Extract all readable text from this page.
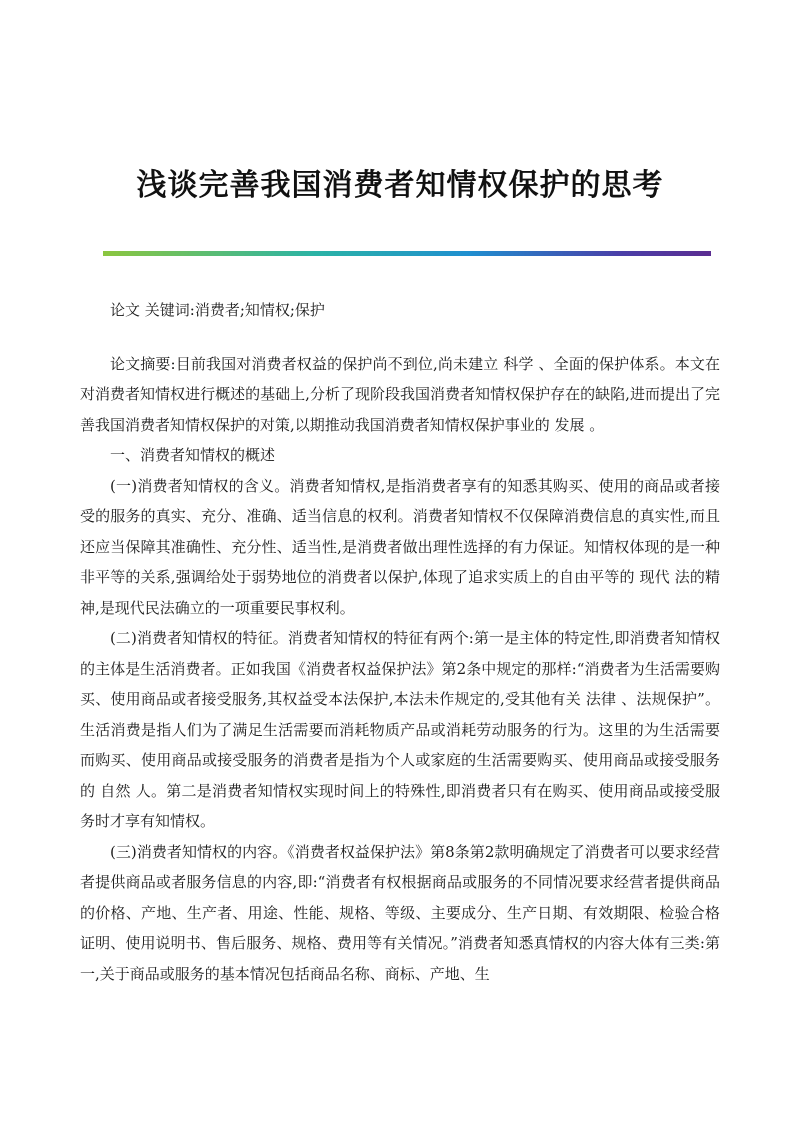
浅谈完善我国消费者知情权保护的思考

论文 关键词:消费者;知情权;保护

论文摘要:目前我国对消费者权益的保护尚不到位,尚未建立 科学 、全面的保护体系。本文在对消费者知情权进行概述的基础上,分析了现阶段我国消费者知情权保护存在的缺陷,进而提出了完善我国消费者知情权保护的对策,以期推动我国消费者知情权保护事业的 发展 。

一、消费者知情权的概述

(一)消费者知情权的含义。消费者知情权,是指消费者享有的知悉其购买、使用的商品或者接受的服务的真实、充分、准确、适当信息的权利。消费者知情权不仅保障消费信息的真实性,而且还应当保障其准确性、充分性、适当性,是消费者做出理性选择的有力保证。知情权体现的是一种非平等的关系,强调给处于弱势地位的消费者以保护,体现了追求实质上的自由平等的 现代 法的精神,是现代民法确立的一项重要民事权利。

(二)消费者知情权的特征。消费者知情权的特征有两个:第一是主体的特定性,即消费者知情权的主体是生活消费者。正如我国《消费者权益保护法》第2条中规定的那样:“消费者为生活需要购买、使用商品或者接受服务,其权益受本法保护,本法未作规定的,受其他有关 法律 、法规保护”。生活消费是指人们为了满足生活需要而消耗物质产品或消耗劳动服务的行为。这里的为生活需要而购买、使用商品或接受服务的消费者是指为个人或家庭的生活需要购买、使用商品或接受服务的 自然 人。第二是消费者知情权实现时间上的特殊性,即消费者只有在购买、使用商品或接受服务时才享有知情权。

(三)消费者知情权的内容。《消费者权益保护法》第8条第2款明确规定了消费者可以要求经营者提供商品或者服务信息的内容,即:“消费者有权根据商品或服务的不同情况要求经营者提供商品的价格、产地、生产者、用途、性能、规格、等级、主要成分、生产日期、有效期限、检验合格证明、使用说明书、售后服务、规格、费用等有关情况。”消费者知悉真情权的内容大体有三类:第一,关于商品或服务的基本情况包括商品名称、商标、产地、生
